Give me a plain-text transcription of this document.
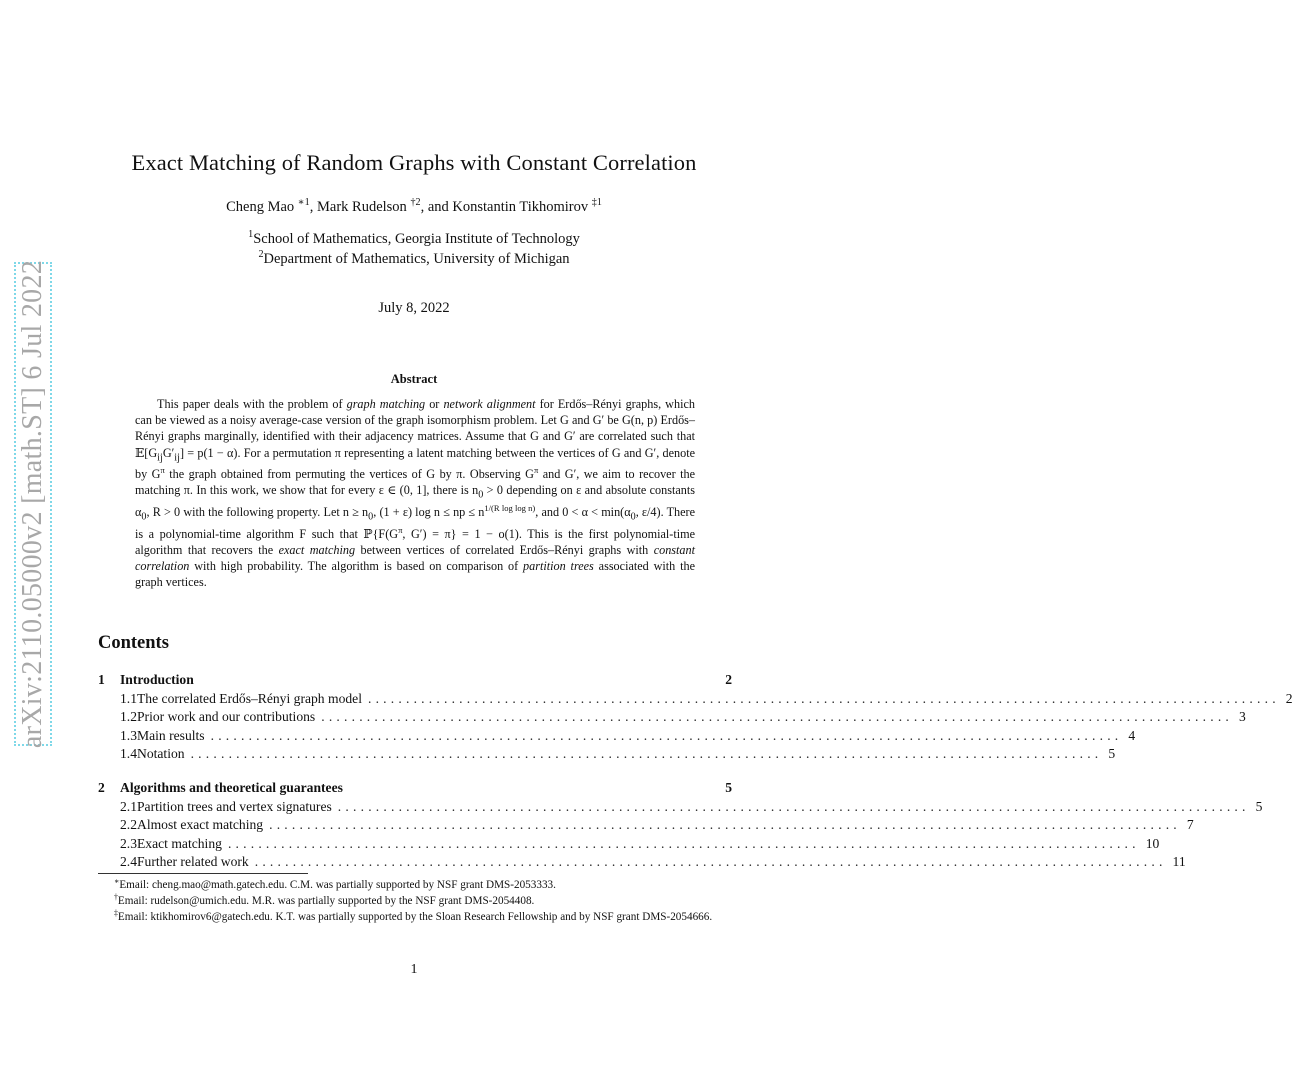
arXiv:2110.05000v2 [math.ST] 6 Jul 2022
Exact Matching of Random Graphs with Constant Correlation
Cheng Mao $^{∗1}$, Mark Rudelson $^{\dagger 2}$, and Konstantin Tikhomirov $^{\ddagger 1}$
$^1$School of Mathematics, Georgia Institute of Technology
$^2$Department of Mathematics, University of Michigan
July 8, 2022
Abstract

This paper deals with the problem of graph matching or network alignment for Erdős–Rényi graphs, which can be viewed as a noisy average-case version of the graph isomorphism problem. Let G and G′ be G(n, p) Erdős–Rényi graphs marginally, identified with their adjacency matrices. Assume that G and G′ are correlated such that $𝔼[G_{ij}G'_{ij}] = p(1 - \alpha)$. For a permutation π representing a latent matching between the vertices of G and G′, denote by $G^\pi$ the graph obtained from permuting the vertices of G by π. Observing $G^\pi$ and G′, we aim to recover the matching π. In this work, we show that for every ε ∈ (0, 1], there is $n_0 > 0$ depending on ε and absolute constants $\alpha_0$, R > 0 with the following property. Let $n \ge n_0$, (1 + ε) log n ≤ np ≤ $n^{1/(R log log n)}$, and $0 < \alpha < \min(\alpha_0$, ε/4). There is a polynomial-time algorithm F such that $ℙ\{F(G^\pi$, G′) = π} = 1 − o(1). This is the first polynomial-time algorithm that recovers the exact matching between vertices of correlated Erdős–Rényi graphs with constant correlation with high probability. The algorithm is based on comparison of partition trees associated with the graph vertices.

Contents
1	Introduction	2
1.1 The correlated Erdős–Rényi graph model ........................................................................................................................ 2
1.2 Prior work and our contributions ........................................................................................................................ 3
1.3 Main results ........................................................................................................................ 4
1.4 Notation ........................................................................................................................ 5
2	Algorithms and theoretical guarantees	5
2.1 Partition trees and vertex signatures ........................................................................................................................ 5
2.2 Almost exact matching ........................................................................................................................ 7
2.3 Exact matching ........................................................................................................................ 10
2.4 Further related work ........................................................................................................................ 11

∗Email: cheng.mao@math.gatech.edu. C.M. was partially supported by NSF grant DMS-2053333.

†Email: rudelson@umich.edu. M.R. was partially supported by the NSF grant DMS-2054408.

‡Email: ktikhomirov6@gatech.edu. K.T. was partially supported by the Sloan Research Fellowship and by NSF grant DMS-2054666.

1
